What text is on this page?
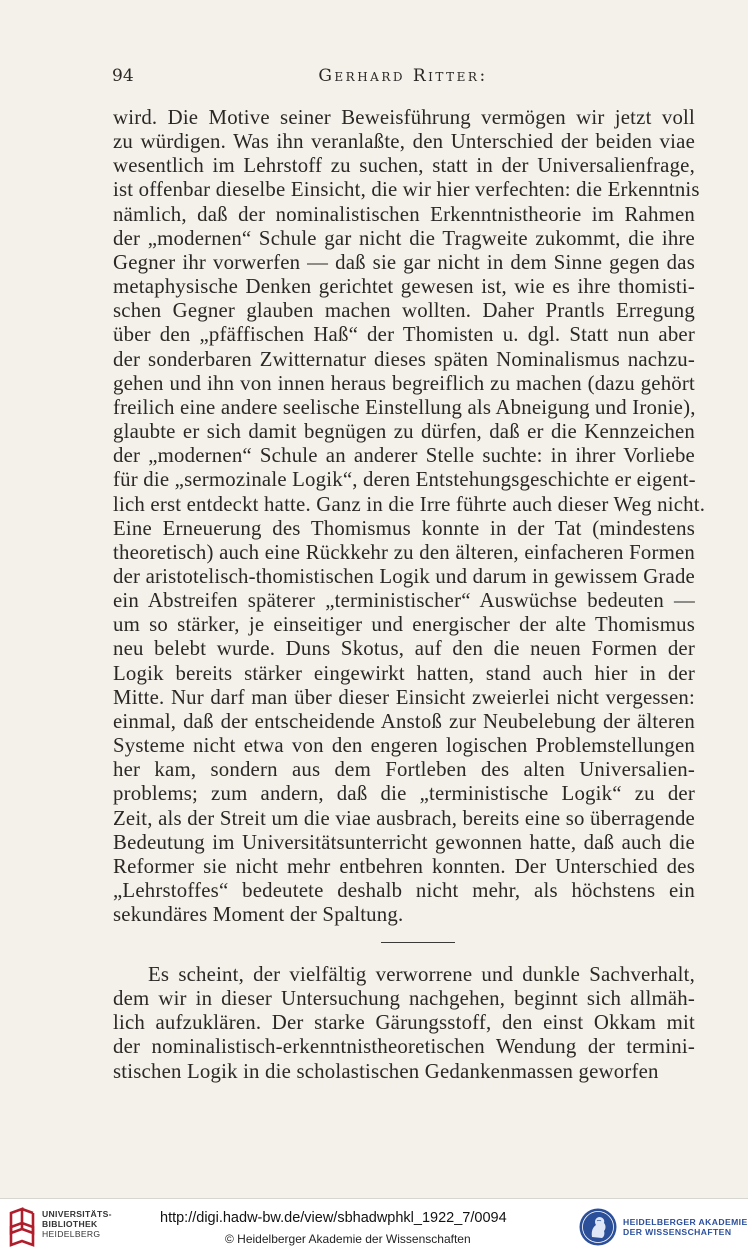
94	Gerhard Ritter:
wird. Die Motive seiner Beweisführung vermögen wir jetzt voll
zu würdigen. Was ihn veranlaßte, den Unterschied der beiden viae
wesentlich im Lehrstoff zu suchen, statt in der Universalienfrage,
ist offenbar dieselbe Einsicht, die wir hier verfechten: die Erkenntnis
nämlich, daß der nominalistischen Erkenntnistheorie im Rahmen
der „modernen“ Schule gar nicht die Tragweite zukommt, die ihre
Gegner ihr vorwerfen — daß sie gar nicht in dem Sinne gegen das
metaphysische Denken gerichtet gewesen ist, wie es ihre thomisti-
schen Gegner glauben machen wollten. Daher Prantls Erregung
über den „pfäffischen Haß“ der Thomisten u. dgl. Statt nun aber
der sonderbaren Zwitternatur dieses späten Nominalismus nachzu-
gehen und ihn von innen heraus begreiflich zu machen (dazu gehört
freilich eine andere seelische Einstellung als Abneigung und Ironie),
glaubte er sich damit begnügen zu dürfen, daß er die Kennzeichen
der „modernen“ Schule an anderer Stelle suchte: in ihrer Vorliebe
für die „sermozinale Logik“, deren Entstehungsgeschichte er eigent-
lich erst entdeckt hatte. Ganz in die Irre führte auch dieser Weg nicht.
Eine Erneuerung des Thomismus konnte in der Tat (mindestens
theoretisch) auch eine Rückkehr zu den älteren, einfacheren Formen
der aristotelisch-thomistischen Logik und darum in gewissem Grade
ein Abstreifen späterer „terministischer“ Auswüchse bedeuten —
um so stärker, je einseitiger und energischer der alte Thomismus
neu belebt wurde. Duns Skotus, auf den die neuen Formen der
Logik bereits stärker eingewirkt hatten, stand auch hier in der
Mitte. Nur darf man über dieser Einsicht zweierlei nicht vergessen:
einmal, daß der entscheidende Anstoß zur Neubelebung der älteren
Systeme nicht etwa von den engeren logischen Problemstellungen
her kam, sondern aus dem Fortleben des alten Universalien-
problems; zum andern, daß die „terministische Logik“ zu der
Zeit, als der Streit um die viae ausbrach, bereits eine so überragende
Bedeutung im Universitätsunterricht gewonnen hatte, daß auch die
Reformer sie nicht mehr entbehren konnten. Der Unterschied des
„Lehrstoffes“ bedeutete deshalb nicht mehr, als höchstens ein
sekundäres Moment der Spaltung.
Es scheint, der vielfältig verworrene und dunkle Sachverhalt,
dem wir in dieser Untersuchung nachgehen, beginnt sich allmäh-
lich aufzuklären. Der starke Gärungsstoff, den einst Okkam mit
der nominalistisch-erkenntnistheoretischen Wendung der termini-
stischen Logik in die scholastischen Gedankenmassen geworfen
UNIVERSITÄTS-
BIBLIOTHEK
HEIDELBERG
http://digi.hadw-bw.de/view/sbhadwphkl_1922_7/0094
© Heidelberger Akademie der Wissenschaften
HEIDELBERGER AKADEMIE
DER WISSENSCHAFTEN
